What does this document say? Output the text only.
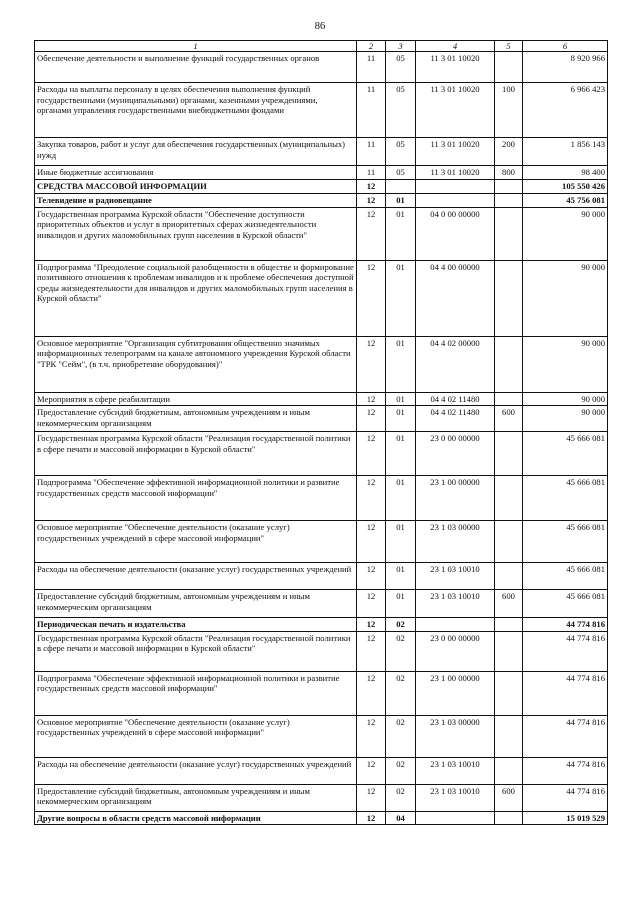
86
1	2	3	4	5	6
Обеспечение деятельности и выполнение функций государственных органов	11	05	11 3 01 10020		8 920 966
Расходы на выплаты персоналу в целях обеспечения выполнения функций государственными (муниципальными) органами, казенными учреждениями, органами управления государственными внебюджетными фондами	11	05	11 3 01 10020	100	6 966 423
Закупка товаров, работ и услуг для обеспечения государственных (муниципальных) нужд	11	05	11 3 01 10020	200	1 856 143
Иные бюджетные ассигнования	11	05	11 3 01 10020	800	98 400
СРЕДСТВА МАССОВОЙ ИНФОРМАЦИИ	12				105 550 426
Телевидение и радиовещание	12	01			45 756 081
Государственная программа Курской области "Обеспечение доступности приоритетных объектов и услуг в приоритетных сферах жизнедеятельности инвалидов и других маломобильных групп населения в Курской области"	12	01	04 0 00 00000		90 000
Подпрограмма "Преодоление социальной разобщенности в обществе и формирование позитивного отношения к проблемам инвалидов и к проблеме обеспечения доступной среды жизнедеятельности для инвалидов и других маломобильных групп населения в Курской области"	12	01	04 4 00 00000		90 000
Основное мероприятие "Организация субтитрования общественно значимых информационных телепрограмм на канале автономного учреждения Курской области "ТРК "Сейм", (в т.ч. приобретение оборудования)"	12	01	04 4 02 00000		90 000
Мероприятия в сфере реабилитации	12	01	04 4 02 11480		90 000
Предоставление субсидий бюджетным, автономным учреждениям и иным некоммерческим организациям	12	01	04 4 02 11480	600	90 000
Государственная программа Курской области "Реализация государственной политики в сфере печати и массовой информации в Курской области"	12	01	23 0 00 00000		45 666 081
Подпрограмма "Обеспечение эффективной информационной политики и развитие государственных средств массовой информации"	12	01	23 1 00 00000		45 666 081
Основное мероприятие "Обеспечение деятельности (оказание услуг) государственных учреждений в сфере массовой информации"	12	01	23 1 03 00000		45 666 081
Расходы на обеспечение деятельности (оказание услуг) государственных учреждений	12	01	23 1 03 10010		45 666 081
Предоставление субсидий бюджетным, автономным учреждениям и иным некоммерческим организациям	12	01	23 1 03 10010	600	45 666 081
Периодическая печать и издательства	12	02			44 774 816
Государственная программа Курской области "Реализация государственной политики в сфере печати и массовой информации в Курской области"	12	02	23 0 00 00000		44 774 816
Подпрограмма "Обеспечение эффективной информационной политики и развитие государственных средств массовой информации"	12	02	23 1 00 00000		44 774 816
Основное мероприятие "Обеспечение деятельности (оказание услуг) государственных учреждений в сфере массовой информации"	12	02	23 1 03 00000		44 774 816
Расходы на обеспечение деятельности (оказание услуг) государственных учреждений	12	02	23 1 03 10010		44 774 816
Предоставление субсидий бюджетным, автономным учреждениям и иным некоммерческим организациям	12	02	23 1 03 10010	600	44 774 816
Другие вопросы в области средств массовой информации	12	04			15 019 529
